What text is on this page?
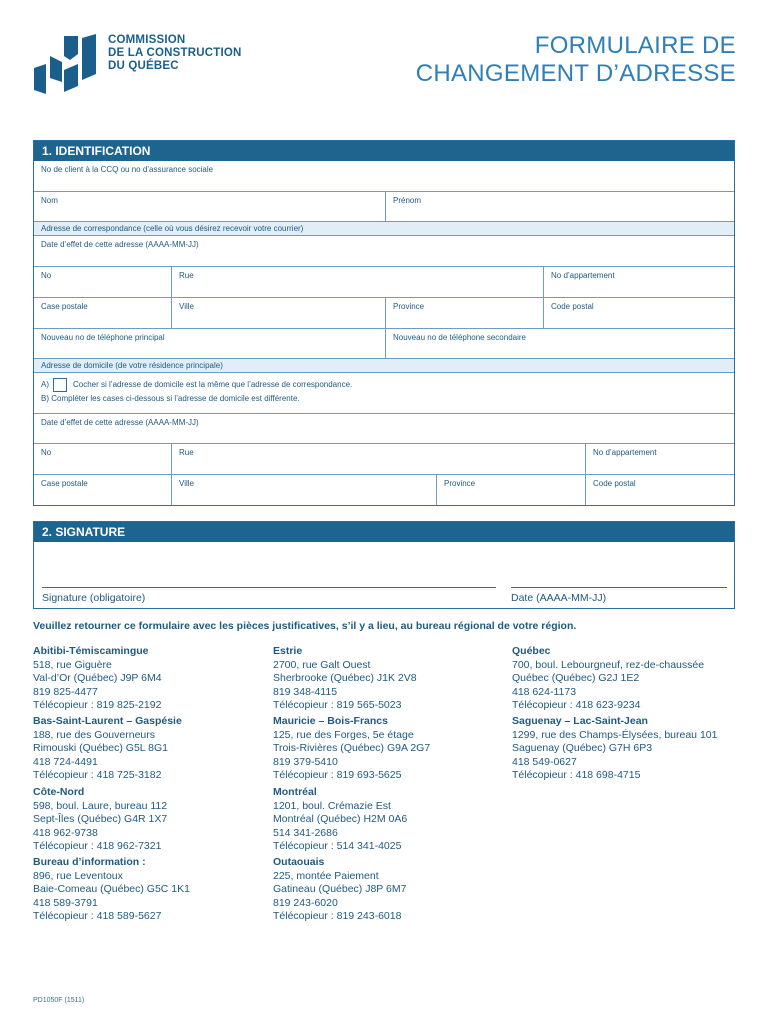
COMMISSION
DE LA CONSTRUCTION
DU QUÉBEC
FORMULAIRE DE
CHANGEMENT D’ADRESSE
1. IDENTIFICATION
No de client à la CCQ ou no d’assurance sociale
Nom	Prénom
Adresse de correspondance (celle où vous désirez recevoir votre courrier)
Date d’effet de cette adresse (AAAA-MM-JJ)
No	Rue	No d’appartement
Case postale	Ville	Province	Code postal
Nouveau no de téléphone principal	Nouveau no de téléphone secondaire
Adresse de domicile (de votre résidence principale)
A)	Cocher si l’adresse de domicile est la même que l’adresse de correspondance.
B) Compléter les cases ci-dessous si l’adresse de domicile est différente.
Date d’effet de cette adresse (AAAA-MM-JJ)
No	Rue	No d’appartement
Case postale	Ville	Province	Code postal
2. SIGNATURE
Signature (obligatoire)	Date (AAAA-MM-JJ)
Veuillez retourner ce formulaire avec les pièces justificatives, s’il y a lieu, au bureau régional de votre région.
Abitibi-Témiscamingue
518, rue Giguère
Val-d’Or (Québec) J9P 6M4
819 825-4477
Télécopieur : 819 825-2192
Bas-Saint-Laurent – Gaspésie
188, rue des Gouverneurs
Rimouski (Québec) G5L 8G1
418 724-4491
Télécopieur : 418 725-3182
Côte-Nord
598, boul. Laure, bureau 112
Sept-Îles (Québec) G4R 1X7
418 962-9738
Télécopieur : 418 962-7321
Bureau d’information :
896, rue Leventoux
Baie-Comeau (Québec) G5C 1K1
418 589-3791
Télécopieur : 418 589-5627
Estrie
2700, rue Galt Ouest
Sherbrooke (Québec) J1K 2V8
819 348-4115
Télécopieur : 819 565-5023
Mauricie – Bois-Francs
125, rue des Forges, 5e étage
Trois-Rivières (Québec) G9A 2G7
819 379-5410
Télécopieur : 819 693-5625
Montréal
1201, boul. Crémazie Est
Montréal (Québec) H2M 0A6
514 341-2686
Télécopieur : 514 341-4025
Outaouais
225, montée Paiement
Gatineau (Québec) J8P 6M7
819 243-6020
Télécopieur : 819 243-6018
Québec
700, boul. Lebourgneuf, rez-de-chaussée
Québec (Québec) G2J 1E2
418 624-1173
Télécopieur : 418 623-9234
Saguenay – Lac-Saint-Jean
1299, rue des Champs-Élysées, bureau 101
Saguenay (Québec) G7H 6P3
418 549-0627
Télécopieur : 418 698-4715
PD1050F (1511)
